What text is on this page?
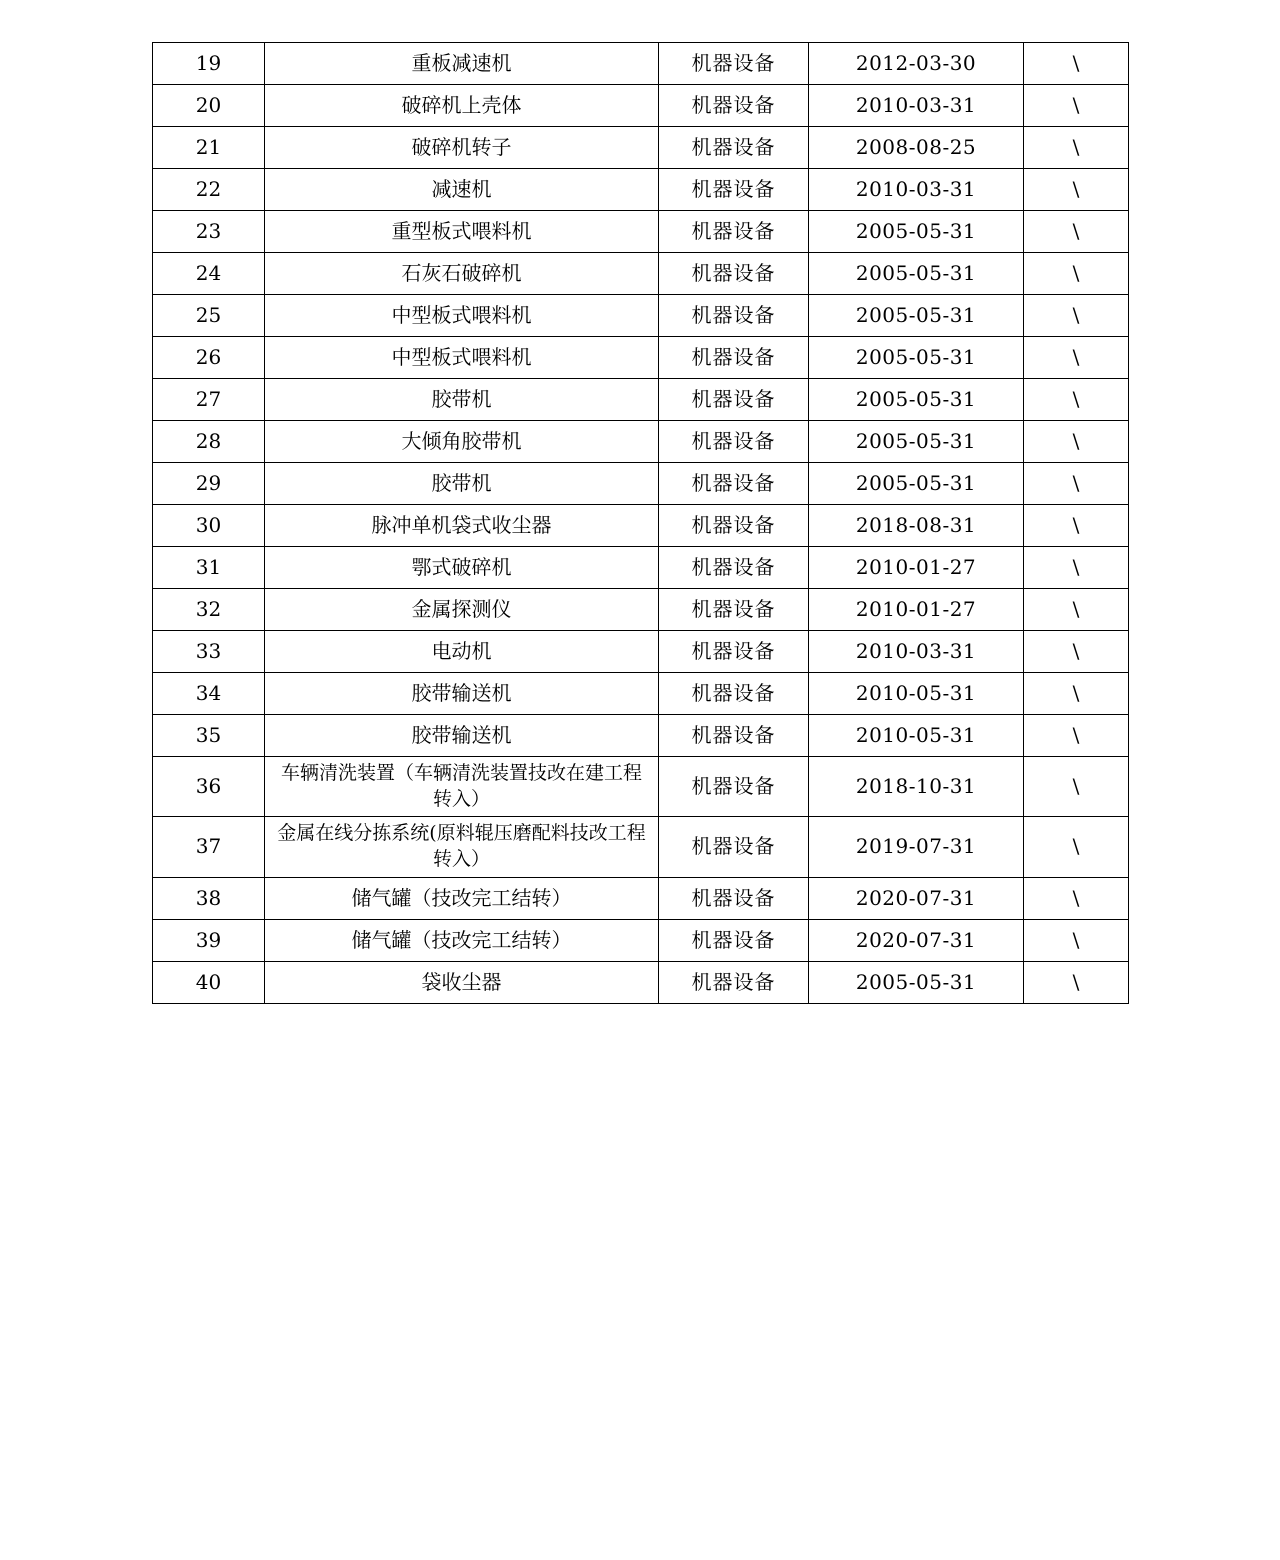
19	重板减速机	机器设备	2012-03-30	\
20	破碎机上壳体	机器设备	2010-03-31	\
21	破碎机转子	机器设备	2008-08-25	\
22	减速机	机器设备	2010-03-31	\
23	重型板式喂料机	机器设备	2005-05-31	\
24	石灰石破碎机	机器设备	2005-05-31	\
25	中型板式喂料机	机器设备	2005-05-31	\
26	中型板式喂料机	机器设备	2005-05-31	\
27	胶带机	机器设备	2005-05-31	\
28	大倾角胶带机	机器设备	2005-05-31	\
29	胶带机	机器设备	2005-05-31	\
30	脉冲单机袋式收尘器	机器设备	2018-08-31	\
31	鄂式破碎机	机器设备	2010-01-27	\
32	金属探测仪	机器设备	2010-01-27	\
33	电动机	机器设备	2010-03-31	\
34	胶带输送机	机器设备	2010-05-31	\
35	胶带输送机	机器设备	2010-05-31	\
36	车辆清洗装置（车辆清洗装置技改在建工程转入）	机器设备	2018-10-31	\
37	金属在线分拣系统(原料辊压磨配料技改工程转入）	机器设备	2019-07-31	\
38	储气罐（技改完工结转）	机器设备	2020-07-31	\
39	储气罐（技改完工结转）	机器设备	2020-07-31	\
40	袋收尘器	机器设备	2005-05-31	\
